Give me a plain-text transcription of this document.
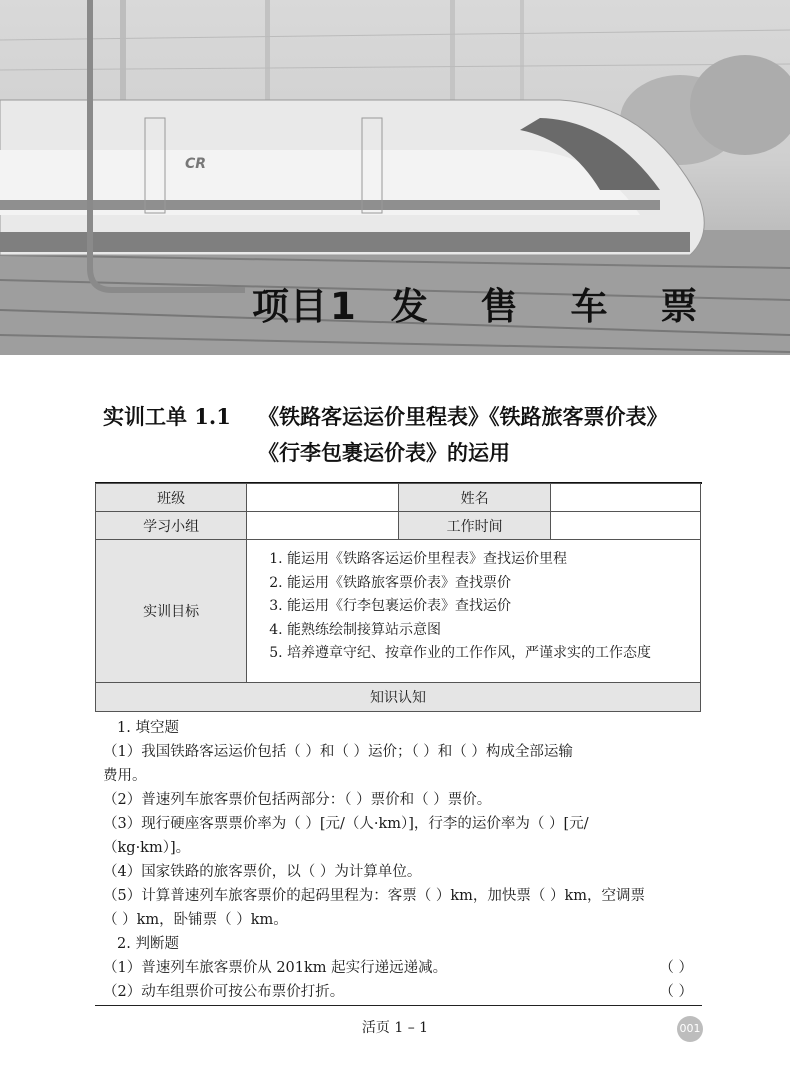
CR
项目1 发 售 车 票
实训工单 1.1 《铁路客运运价里程表》《铁路旅客票价表》
《行李包裹运价表》的运用
班级		姓名	
学习小组		工作时间	
实训目标	1. 能运用《铁路客运运价里程表》查找运价里程
2. 能运用《铁路旅客票价表》查找票价
3. 能运用《行李包裹运价表》查找运价
4. 能熟练绘制接算站示意图
5. 培养遵章守纪、按章作业的工作作风，严谨求实的工作态度		

知识认知			
1. 填空题
（1）我国铁路客运运价包括（ ）和（ ）运价；（ ）和（ ）构成全部运输
费用。
（2）普速列车旅客票价包括两部分：（ ）票价和（ ）票价。
（3）现行硬座客票票价率为（ ）[元/（人·km）]，行李的运价率为（ ）[元/
（kg·km）]。
（4）国家铁路的旅客票价，以（ ）为计算单位。
（5）计算普速列车旅客票价的起码里程为：客票（ ）km，加快票（ ）km，空调票
（ ）km，卧铺票（ ）km。
2. 判断题
（1）普速列车旅客票价从 201km 起实行递远递减。	（ ）
（2）动车组票价可按公布票价打折。	（ ）
活页 1 – 1	001
